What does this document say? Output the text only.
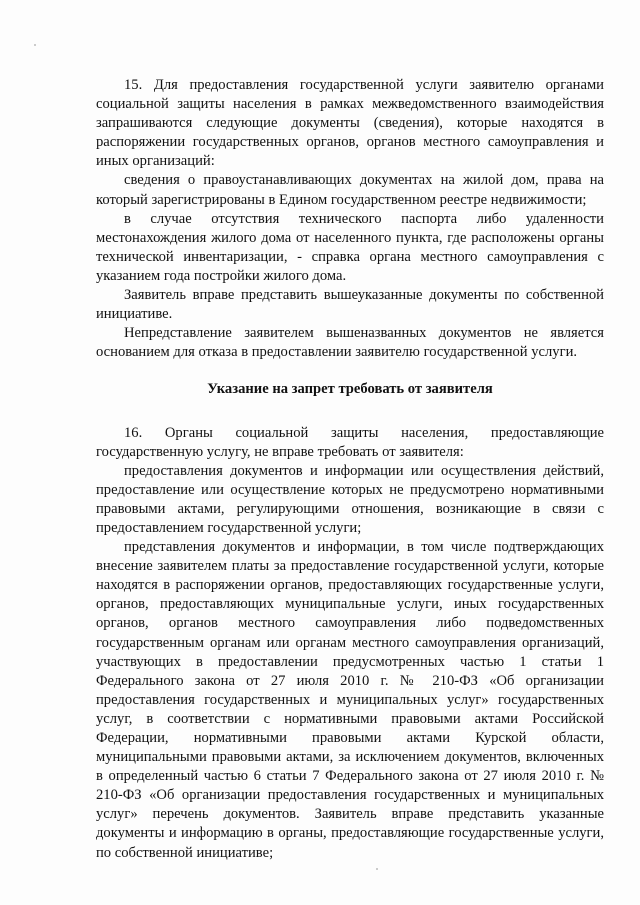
15. Для предоставления государственной услуги заявителю органами социальной защиты населения в рамках межведомственного взаимодействия запрашиваются следующие документы (сведения), которые находятся в распоряжении государственных органов, органов местного самоуправления и иных организаций:

сведения о правоустанавливающих документах на жилой дом, права на который зарегистрированы в Едином государственном реестре недвижимости;

в случае отсутствия технического паспорта либо удаленности местонахождения жилого дома от населенного пункта, где расположены органы технической инвентаризации, - справка органа местного самоуправления с указанием года постройки жилого дома.

Заявитель вправе представить вышеуказанные документы по собственной инициативе.

Непредставление заявителем вышеназванных документов не является основанием для отказа в предоставлении заявителю государственной услуги.

Указание на запрет требовать от заявителя

16. Органы социальной защиты населения, предоставляющие государственную услугу, не вправе требовать от заявителя:

предоставления документов и информации или осуществления действий, предоставление или осуществление которых не предусмотрено нормативными правовыми актами, регулирующими отношения, возникающие в связи с предоставлением государственной услуги;

представления документов и информации, в том числе подтверждающих внесение заявителем платы за предоставление государственной услуги, которые находятся в распоряжении органов, предоставляющих государственные услуги, органов, предоставляющих муниципальные услуги, иных государственных органов, органов местного самоуправления либо подведомственных государственным органам или органам местного самоуправления организаций, участвующих в предоставлении предусмотренных частью 1 статьи 1 Федерального закона от 27 июля 2010 г. № 210-ФЗ «Об организации предоставления государственных и муниципальных услуг» государственных услуг, в соответствии с нормативными правовыми актами Российской Федерации, нормативными правовыми актами Курской области, муниципальными правовыми актами, за исключением документов, включенных в определенный частью 6 статьи 7 Федерального закона от 27 июля 2010 г. № 210-ФЗ «Об организации предоставления государственных и муниципальных услуг» перечень документов. Заявитель вправе представить указанные документы и информацию в органы, предоставляющие государственные услуги, по собственной инициативе;
